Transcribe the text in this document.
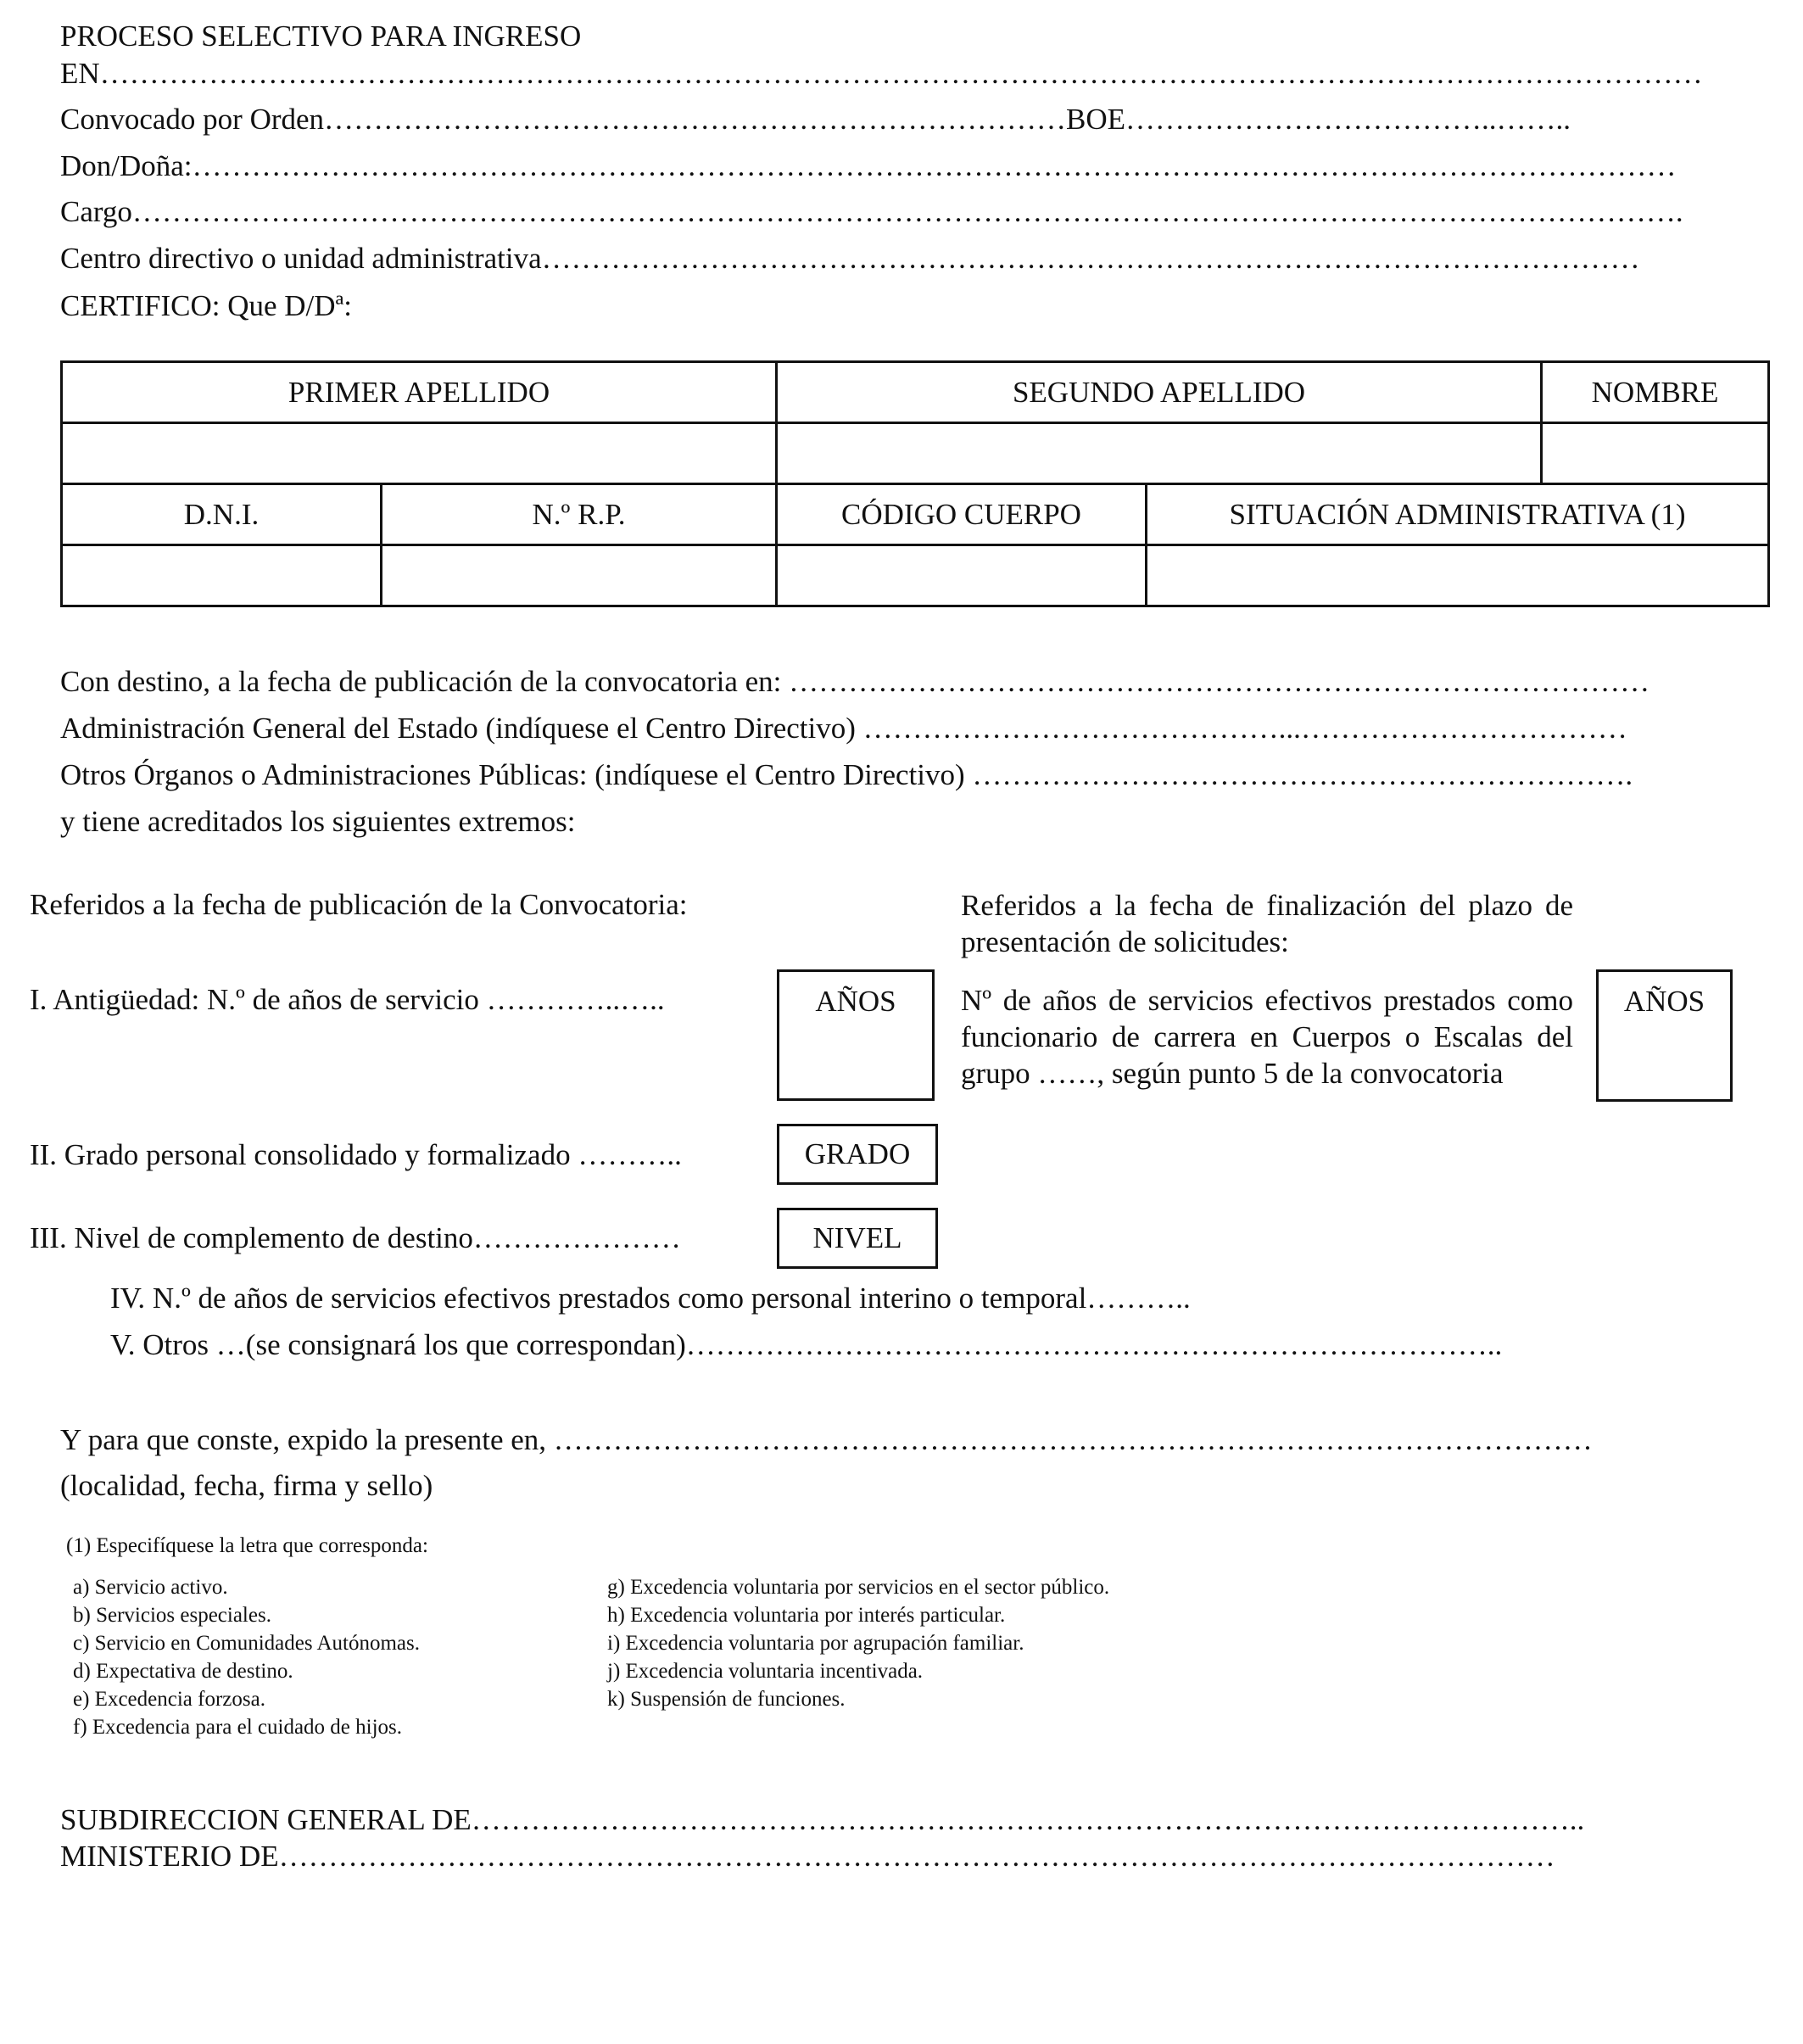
PROCESO SELECTIVO PARA INGRESO
EN………………………………………………………………………………………………………………………………………………
Convocado por Orden…………………………………………………………………BOE………………………………..……..
Don/Doña:……………………………………………………………………………………………………………………………………
Cargo………………………………………………………………………………………………………………………………………….
Centro directivo o unidad administrativa…………………………………………………………………………………………………
CERTIFICO: Que D/Dª:
PRIMER APELLIDO		SEGUNDO APELLIDO		NOMBRE

D.N.I.	N.º R.P.	CÓDIGO CUERPO	SITUACIÓN ADMINISTRATIVA (1)	

Con destino, a la fecha de publicación de la convocatoria en: ……………………………………………………………………………
Administración General del Estado (indíquese el Centro Directivo) ……………………………………...……………………………
Otros Órganos o Administraciones Públicas: (indíquese el Centro Directivo) ………………………………………………………….
y tiene acreditados los siguientes extremos:
Referidos a la fecha de publicación de la Convocatoria:
I. Antigüedad: N.º de años de servicio …………..…..	AÑOS
II. Grado personal consolidado y formalizado ………..	GRADO
III. Nivel de complemento de destino…………………	NIVEL
IV. N.º de años de servicios efectivos prestados como personal interino o temporal………..
V. Otros …(se consignará los que correspondan)………………………………………………………………………..
Referidos a la fecha de finalización del plazo de presentación de solicitudes:
Nº de años de servicios efectivos prestados como funcionario de carrera en Cuerpos o Escalas del grupo ……, según punto 5 de la convocatoria
AÑOS
Y para que conste, expido la presente en, ……………………………………………………………………………………………
(localidad, fecha, firma y sello)
(1) Especifíquese la letra que corresponda:
a) Servicio activo.
b) Servicios especiales.
c) Servicio en Comunidades Autónomas.
d) Expectativa de destino.
e) Excedencia forzosa.
f) Excedencia para el cuidado de hijos.
g) Excedencia voluntaria por servicios en el sector público.
h) Excedencia voluntaria por interés particular.
i) Excedencia voluntaria por agrupación familiar.
j) Excedencia voluntaria incentivada.
k) Suspensión de funciones.
SUBDIRECCION GENERAL DE…………………………………………………………………………………………………..
MINISTERIO DE…………………………………………………………………………………………………………………
